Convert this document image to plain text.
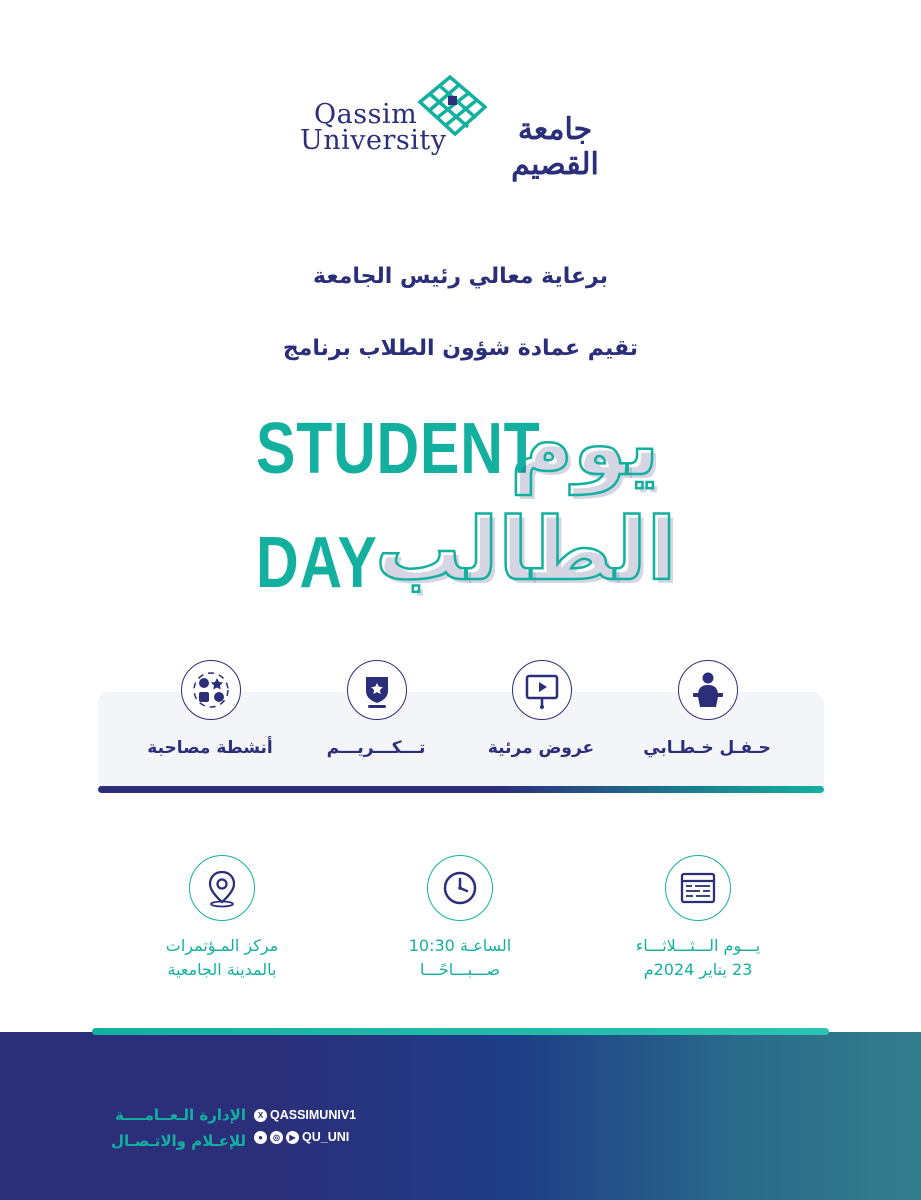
Qassim
University	جامعة القصيم
برعاية معالي رئيس الجامعة
تقيم عمادة شؤون الطلاب برنامج
STUDENT
DAY
يوم
الطالب
أنشطة مصاحبة	تـــكـــريـــم	عروض مرئية	حـفـل خـطـابي
مركز المـؤتمرات
بالمدينة الجامعية
الساعـة 10:30
صـــبـــاحًـــا
يـــوم الـــثـــلاثـــاء
23 يناير 2024م
الإدارة الـعــامــــة
للإعـلام والاتـصـال
X QASSIMUNIV1
●	◎	▶ QU_UNI
